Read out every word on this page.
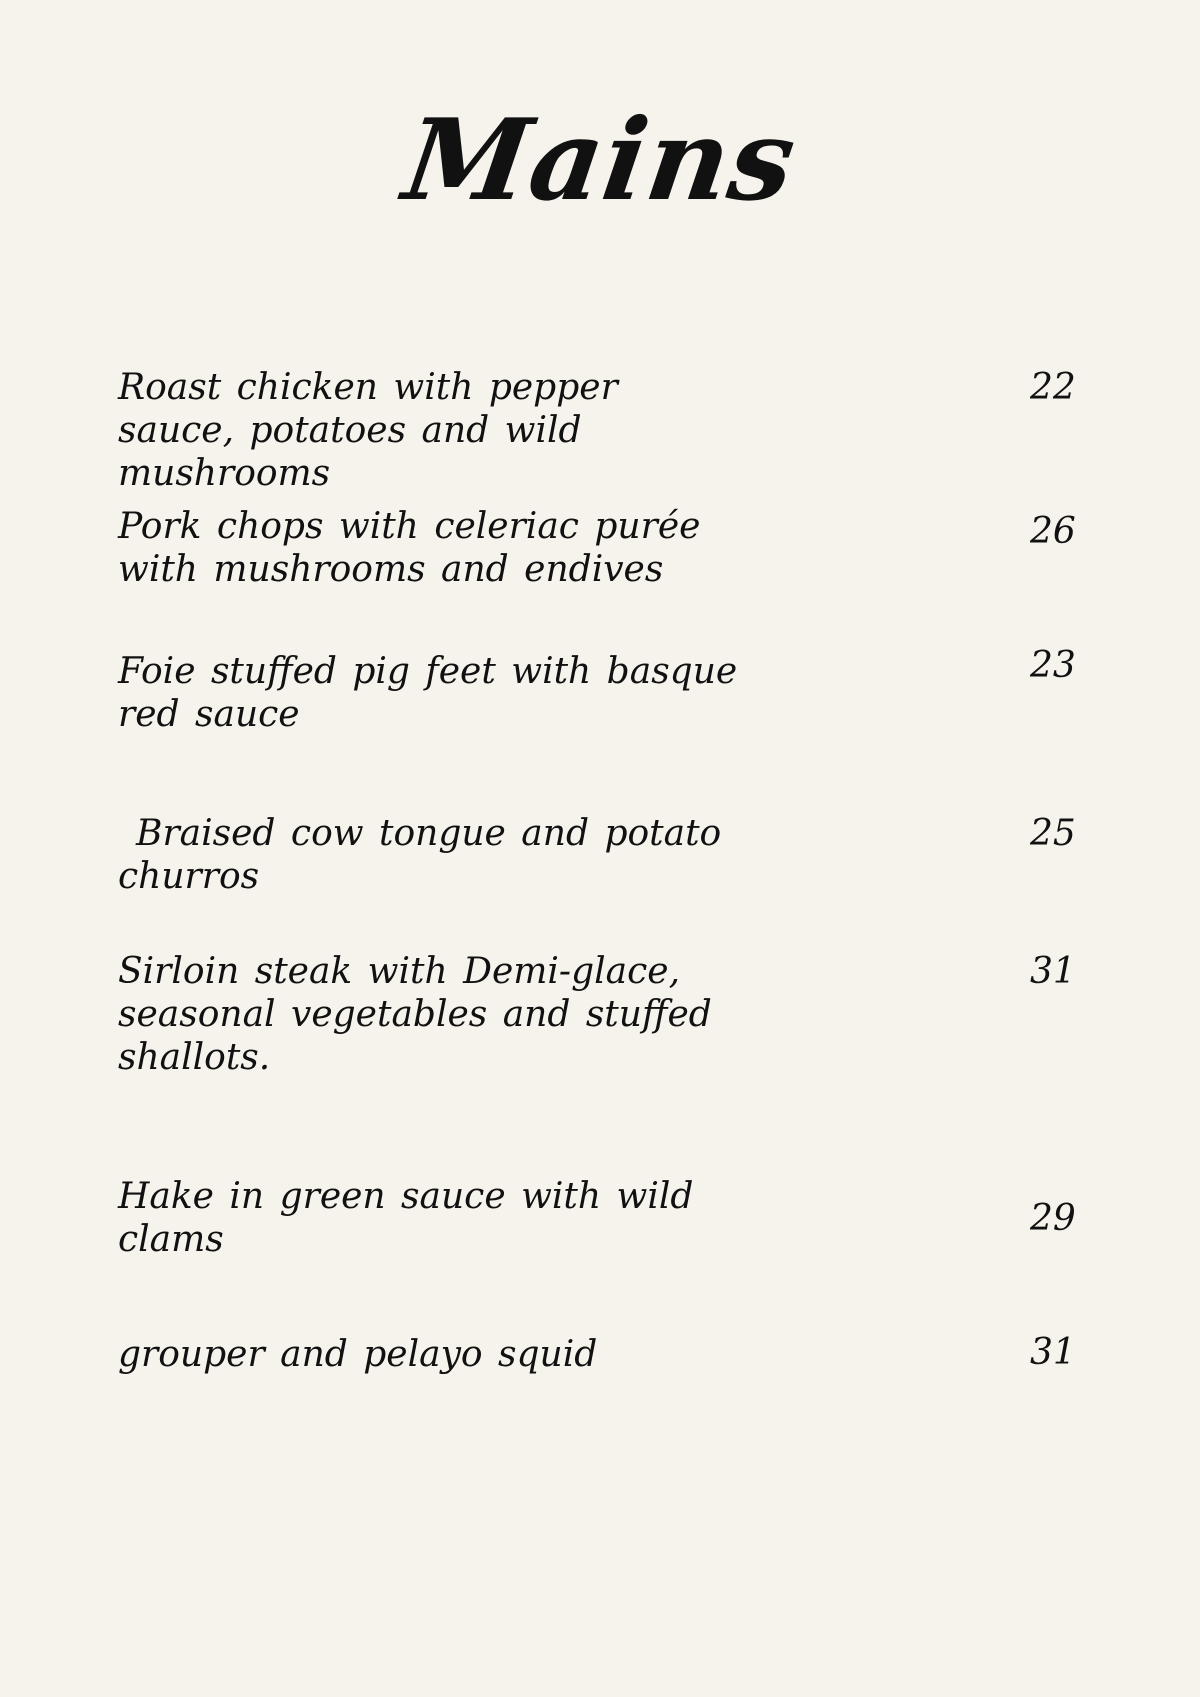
Mains
Roast chicken with pepper sauce, potatoes and wild mushrooms
22
Pork chops with celeriac purée with mushrooms and endives
26
Foie stuffed pig feet with basque red sauce
23
Braised cow tongue and potato churros
25
Sirloin steak with Demi-glace, seasonal vegetables and stuffed shallots.
31
Hake in green sauce with wild clams
29
grouper and pelayo squid	31
